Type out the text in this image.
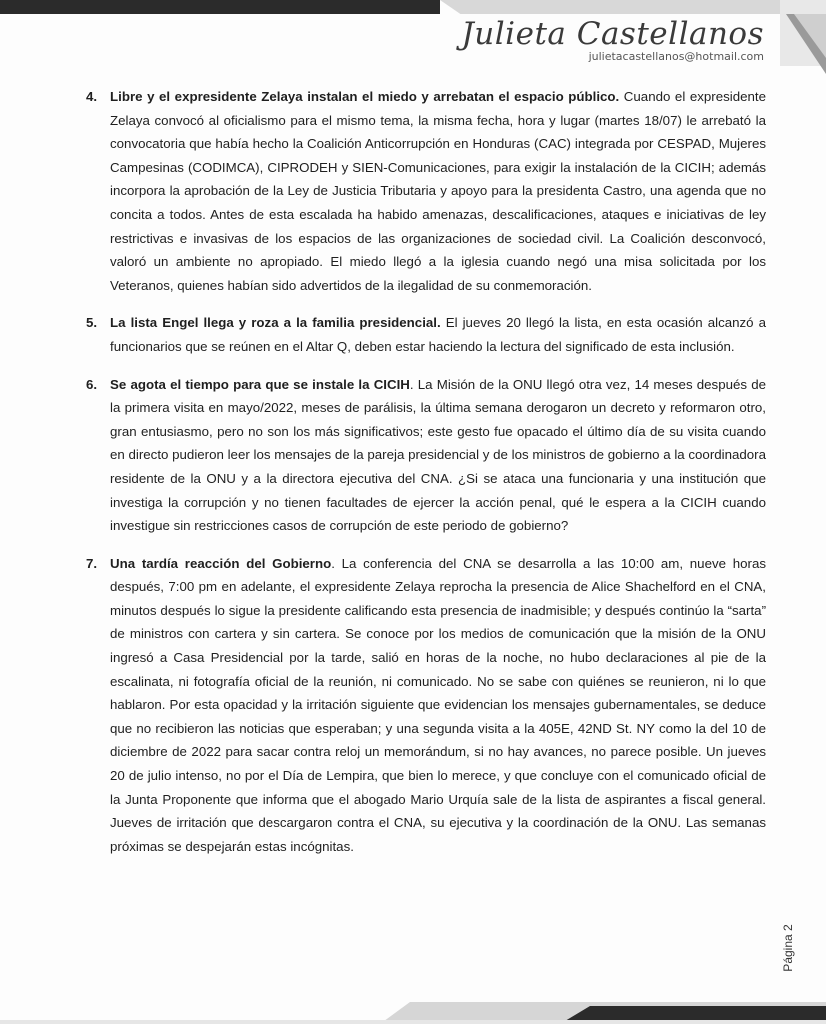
Julieta Castellanos
julietacastellanos@hotmail.com
4. Libre y el expresidente Zelaya instalan el miedo y arrebatan el espacio público. Cuando el expresidente Zelaya convocó al oficialismo para el mismo tema, la misma fecha, hora y lugar (martes 18/07) le arrebató la convocatoria que había hecho la Coalición Anticorrupción en Honduras (CAC) integrada por CESPAD, Mujeres Campesinas (CODIMCA), CIPRODEH y SIEN-Comunicaciones, para exigir la instalación de la CICIH; además incorpora la aprobación de la Ley de Justicia Tributaria y apoyo para la presidenta Castro, una agenda que no concita a todos. Antes de esta escalada ha habido amenazas, descalificaciones, ataques e iniciativas de ley restrictivas e invasivas de los espacios de las organizaciones de sociedad civil. La Coalición desconvocó, valoró un ambiente no apropiado. El miedo llegó a la iglesia cuando negó una misa solicitada por los Veteranos, quienes habían sido advertidos de la ilegalidad de su conmemoración.
5. La lista Engel llega y roza a la familia presidencial. El jueves 20 llegó la lista, en esta ocasión alcanzó a funcionarios que se reúnen en el Altar Q, deben estar haciendo la lectura del significado de esta inclusión.
6. Se agota el tiempo para que se instale la CICIH. La Misión de la ONU llegó otra vez, 14 meses después de la primera visita en mayo/2022, meses de parálisis, la última semana derogaron un decreto y reformaron otro, gran entusiasmo, pero no son los más significativos; este gesto fue opacado el último día de su visita cuando en directo pudieron leer los mensajes de la pareja presidencial y de los ministros de gobierno a la coordinadora residente de la ONU y a la directora ejecutiva del CNA. ¿Si se ataca una funcionaria y una institución que investiga la corrupción y no tienen facultades de ejercer la acción penal, qué le espera a la CICIH cuando investigue sin restricciones casos de corrupción de este periodo de gobierno?
7. Una tardía reacción del Gobierno. La conferencia del CNA se desarrolla a las 10:00 am, nueve horas después, 7:00 pm en adelante, el expresidente Zelaya reprocha la presencia de Alice Shachelford en el CNA, minutos después lo sigue la presidente calificando esta presencia de inadmisible; y después continúo la “sarta” de ministros con cartera y sin cartera. Se conoce por los medios de comunicación que la misión de la ONU ingresó a Casa Presidencial por la tarde, salió en horas de la noche, no hubo declaraciones al pie de la escalinata, ni fotografía oficial de la reunión, ni comunicado. No se sabe con quiénes se reunieron, ni lo que hablaron. Por esta opacidad y la irritación siguiente que evidencian los mensajes gubernamentales, se deduce que no recibieron las noticias que esperaban; y una segunda visita a la 405E, 42ND St. NY como la del 10 de diciembre de 2022 para sacar contra reloj un memorándum, si no hay avances, no parece posible. Un jueves 20 de julio intenso, no por el Día de Lempira, que bien lo merece, y que concluye con el comunicado oficial de la Junta Proponente que informa que el abogado Mario Urquía sale de la lista de aspirantes a fiscal general. Jueves de irritación que descargaron contra el CNA, su ejecutiva y la coordinación de la ONU. Las semanas próximas se despejarán estas incógnitas.
Página 2
